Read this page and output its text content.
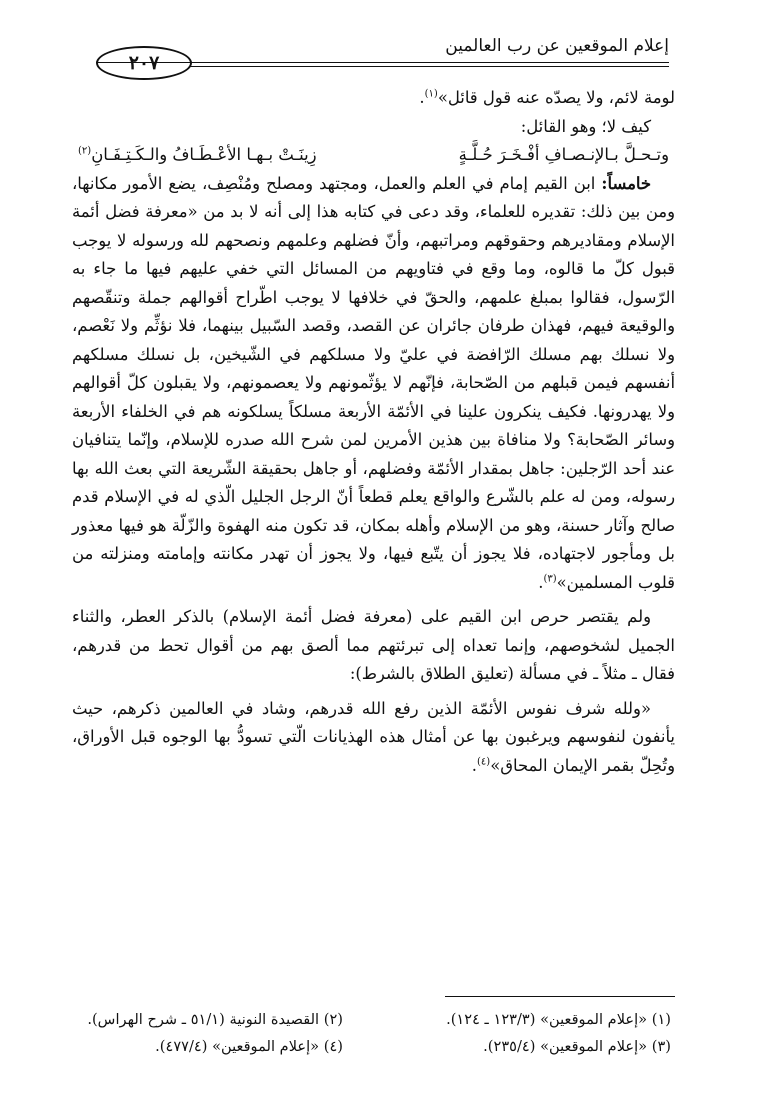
إعلام الموقعين عن رب العالمين
٢٠٧

لومة لائم، ولا يصدّه عنه قول قائل»$^{(١)}$.

كيف لا؛ وهو القائل:

وتـحـلَّ بـالإنـصـافِ أفْـخَـرَ حُـلَّـةٍ
زِينَـتْ بـهـا الأعْـطَـافُ والـكَـتِـفَـانِ$^{(٢)}$

خامساً: ابن القيم إمام في العلم والعمل، ومجتهد ومصلح ومُنْصِف، يضع الأمور مكانها، ومن بين ذلك: تقديره للعلماء، وقد دعى في كتابه هذا إلى أنه لا بد من «معرفة فضل أئمة الإسلام ومقاديرهم وحقوقهم ومراتبهم، وأنّ فضلهم وعلمهم ونصحهم لله ورسوله لا يوجب قبول كلّ ما قالوه، وما وقع في فتاويهم من المسائل التي خفي عليهم فيها ما جاء به الرّسول، فقالوا بمبلغ علمهم، والحقّ في خلافها لا يوجب اطّراح أقوالهم جملة وتنقّصهم والوقيعة فيهم، فهذان طرفان جائران عن القصد، وقصد السّبيل بينهما، فلا نؤثِّم ولا نَعْصم، ولا نسلك بهم مسلك الرّافضة في عليّ ولا مسلكهم في الشّيخين، بل نسلك مسلكهم أنفسهم فيمن قبلهم من الصّحابة، فإنّهم لا يؤثّمونهم ولا يعصمونهم، ولا يقبلون كلّ أقوالهم ولا يهدرونها. فكيف ينكرون علينا في الأئمّة الأربعة مسلكاً يسلكونه هم في الخلفاء الأربعة وسائر الصّحابة؟ ولا منافاة بين هذين الأمرين لمن شرح الله صدره للإسلام، وإنّما يتنافيان عند أحد الرّجلين: جاهل بمقدار الأئمّة وفضلهم، أو جاهل بحقيقة الشّريعة التي بعث الله بها رسوله، ومن له علم بالشّرع والواقع يعلم قطعاً أنّ الرجل الجليل الّذي له في الإسلام قدم صالح وآثار حسنة، وهو من الإسلام وأهله بمكان، قد تكون منه الهفوة والزّلّة هو فيها معذور بل ومأجور لاجتهاده، فلا يجوز أن يتّبع فيها، ولا يجوز أن تهدر مكانته وإمامته ومنزلته من قلوب المسلمين»$^{(٣)}$.

ولم يقتصر حرص ابن القيم على (معرفة فضل أئمة الإسلام) بالذكر العطر، والثناء الجميل لشخوصهم، وإنما تعداه إلى تبرئتهم مما ألصق بهم من أقوال تحط من قدرهم، فقال ـ مثلاً ـ في مسألة (تعليق الطلاق بالشرط):

«ولله شرف نفوس الأئمّة الذين رفع الله قدرهم، وشاد في العالمين ذكرهم، حيث يأنفون لنفوسهم ويرغبون بها عن أمثال هذه الهذيانات الّتي تسودُّ بها الوجوه قبل الأوراق، وتُحِلّ بقمر الإيمان المحاق»$^{(٤)}$.

(١) «إعلام الموقعين» (١٢٣/٣ ـ ١٢٤).
(٢) القصيدة النونية (٥١/١ ـ شرح الهراس).
(٣) «إعلام الموقعين» (٢٣٥/٤).
(٤) «إعلام الموقعين» (٤٧٧/٤).
